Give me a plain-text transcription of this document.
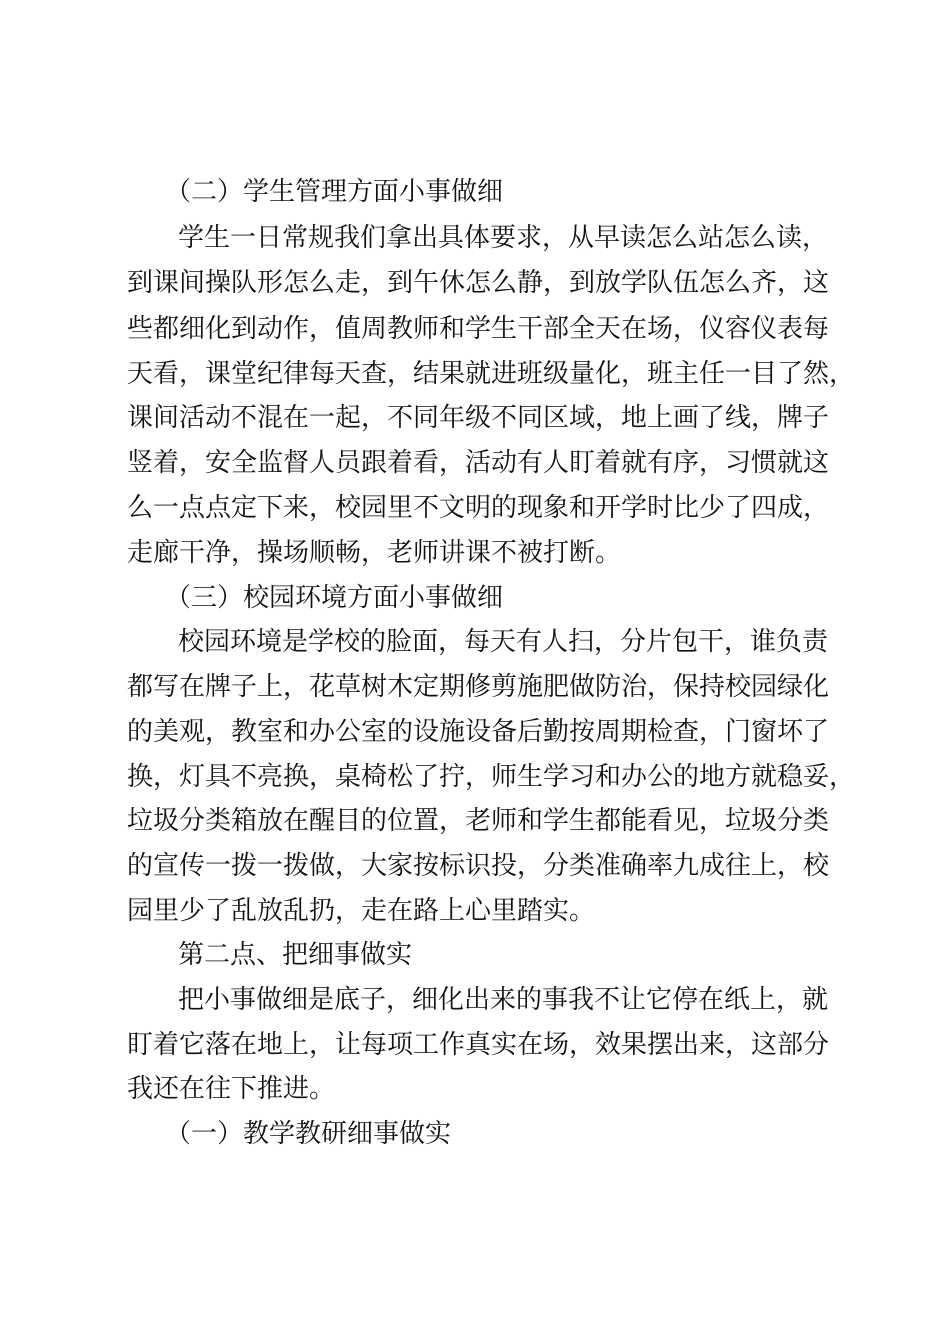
（二）学生管理方面小事做细
学生一日常规我们拿出具体要求，从早读怎么站怎么读，
到课间操队形怎么走，到午休怎么静，到放学队伍怎么齐，这
些都细化到动作，值周教师和学生干部全天在场，仪容仪表每
天看，课堂纪律每天查，结果就进班级量化，班主任一目了然，
课间活动不混在一起，不同年级不同区域，地上画了线，牌子
竖着，安全监督人员跟着看，活动有人盯着就有序，习惯就这
么一点点定下来，校园里不文明的现象和开学时比少了四成，
走廊干净，操场顺畅，老师讲课不被打断。
（三）校园环境方面小事做细
校园环境是学校的脸面，每天有人扫，分片包干，谁负责
都写在牌子上，花草树木定期修剪施肥做防治，保持校园绿化
的美观，教室和办公室的设施设备后勤按周期检查，门窗坏了
换，灯具不亮换，桌椅松了拧，师生学习和办公的地方就稳妥，
垃圾分类箱放在醒目的位置，老师和学生都能看见，垃圾分类
的宣传一拨一拨做，大家按标识投，分类准确率九成往上，校
园里少了乱放乱扔，走在路上心里踏实。
第二点、把细事做实
把小事做细是底子，细化出来的事我不让它停在纸上，就
盯着它落在地上，让每项工作真实在场，效果摆出来，这部分
我还在往下推进。
（一）教学教研细事做实
